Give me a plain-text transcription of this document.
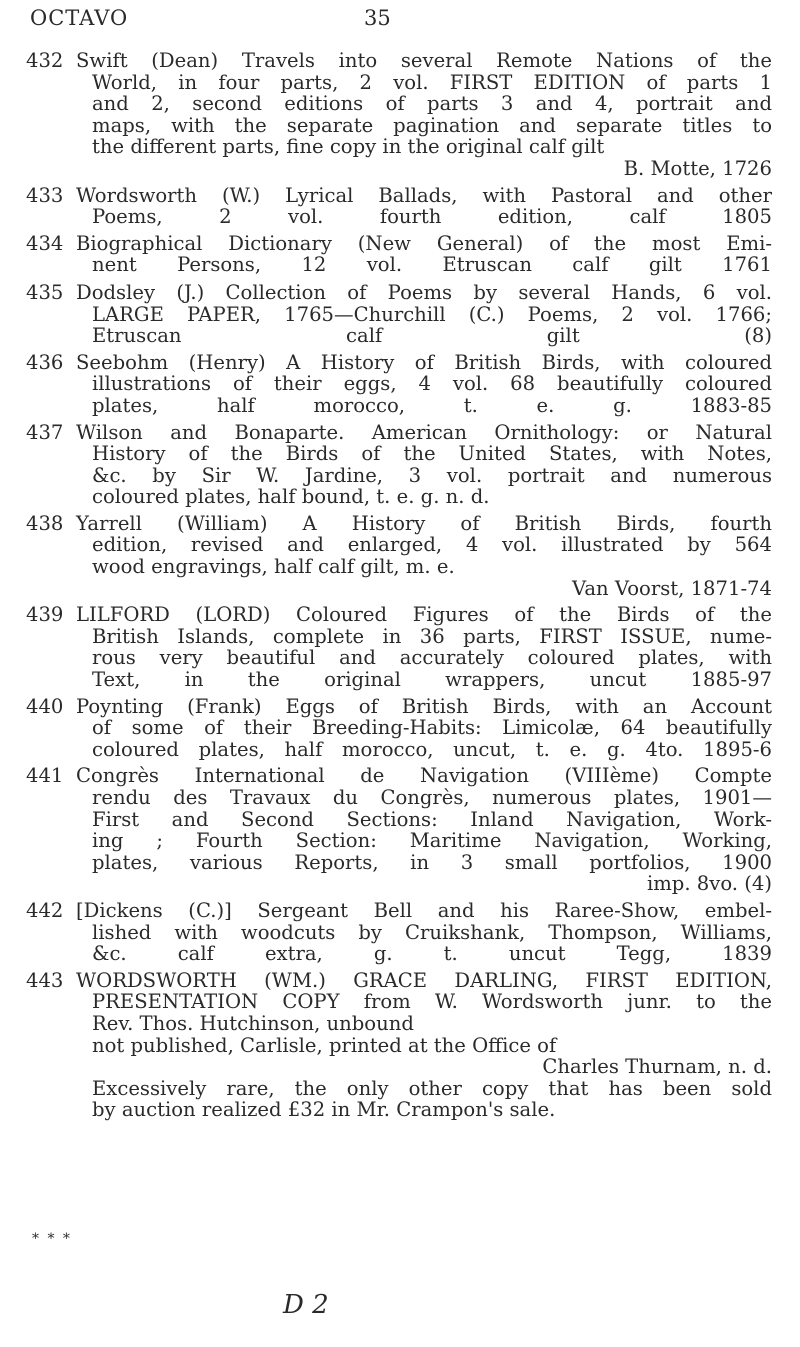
OCTAVO	35
432 Swift (Dean) Travels into several Remote Nations of the
World, in four parts, 2 vol. FIRST EDITION of parts 1
and 2, second editions of parts 3 and 4, portrait and
maps, with the separate pagination and separate titles to
the different parts, fine copy in the original calf gilt
B. Motte, 1726
433 Wordsworth (W.) Lyrical Ballads, with Pastoral and other
Poems, 2 vol. fourth edition, calf 1805
434 Biographical Dictionary (New General) of the most Emi-
nent Persons, 12 vol. Etruscan calf gilt 1761
435 Dodsley (J.) Collection of Poems by several Hands, 6 vol.
LARGE PAPER, 1765—Churchill (C.) Poems, 2 vol. 1766;
Etruscan calf gilt (8)
436 Seebohm (Henry) A History of British Birds, with coloured
illustrations of their eggs, 4 vol. 68 beautifully coloured
plates, half morocco, t. e. g. 1883-85
437 Wilson and Bonaparte. American Ornithology: or Natural
History of the Birds of the United States, with Notes,
&c. by Sir W. Jardine, 3 vol. portrait and numerous
coloured plates, half bound, t. e. g. n. d.
438 Yarrell (William) A History of British Birds, fourth
edition, revised and enlarged, 4 vol. illustrated by 564
wood engravings, half calf gilt, m. e.
Van Voorst, 1871-74
439 LILFORD (LORD) Coloured Figures of the Birds of the
British Islands, complete in 36 parts, FIRST ISSUE, nume-
rous very beautiful and accurately coloured plates, with
Text, in the original wrappers, uncut 1885-97
440 Poynting (Frank) Eggs of British Birds, with an Account
of some of their Breeding-Habits: Limicolæ, 64 beautifully
coloured plates, half morocco, uncut, t. e. g. 4to. 1895-6
441 Congrès International de Navigation (VIIIème) Compte
rendu des Travaux du Congrès, numerous plates, 1901—
First and Second Sections: Inland Navigation, Work-
ing ; Fourth Section: Maritime Navigation, Working,
plates, various Reports, in 3 small portfolios, 1900
imp. 8vo. (4)
442 [Dickens (C.)] Sergeant Bell and his Raree-Show, embel-
lished with woodcuts by Cruikshank, Thompson, Williams,
&c. calf extra, g. t. uncut Tegg, 1839
443 WORDSWORTH (WM.) GRACE DARLING, FIRST EDITION,
PRESENTATION COPY from W. Wordsworth junr. to the
Rev. Thos. Hutchinson, unbound
not published, Carlisle, printed at the Office of
Charles Thurnam, n. d.
Excessively rare, the only other copy that has been sold
by auction realized £32 in Mr. Crampon's sale.
* * *
D 2
